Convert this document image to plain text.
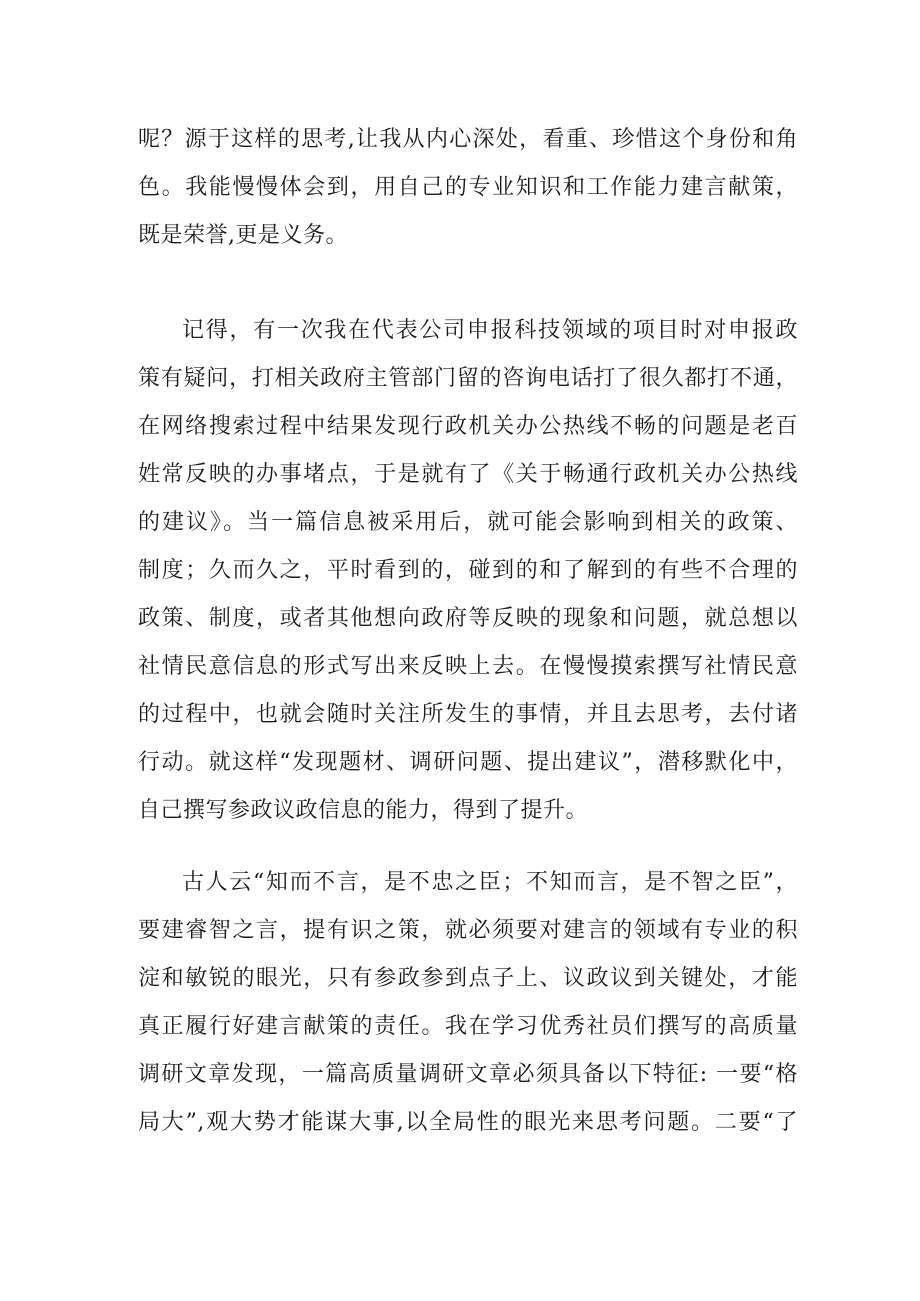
呢？源于这样的思考,让我从内心深处，看重、珍惜这个身份和角
色。我能慢慢体会到，用自己的专业知识和工作能力建言献策，
既是荣誉,更是义务。

记得，有一次我在代表公司申报科技领域的项目时对申报政
策有疑问，打相关政府主管部门留的咨询电话打了很久都打不通，
在网络搜索过程中结果发现行政机关办公热线不畅的问题是老百
姓常反映的办事堵点，于是就有了《关于畅通行政机关办公热线
的建议》。当一篇信息被采用后，就可能会影响到相关的政策、
制度；久而久之，平时看到的，碰到的和了解到的有些不合理的
政策、制度，或者其他想向政府等反映的现象和问题，就总想以
社情民意信息的形式写出来反映上去。在慢慢摸索撰写社情民意
的过程中，也就会随时关注所发生的事情，并且去思考，去付诸
行动。就这样“发现题材、调研问题、提出建议”，潜移默化中，
自己撰写参政议政信息的能力，得到了提升。

古人云“知而不言，是不忠之臣；不知而言，是不智之臣”，
要建睿智之言，提有识之策，就必须要对建言的领域有专业的积
淀和敏锐的眼光，只有参政参到点子上、议政议到关键处，才能
真正履行好建言献策的责任。我在学习优秀社员们撰写的高质量
调研文章发现，一篇高质量调研文章必须具备以下特征: 一要“格
局大”,观大势才能谋大事,以全局性的眼光来思考问题。二要“了
